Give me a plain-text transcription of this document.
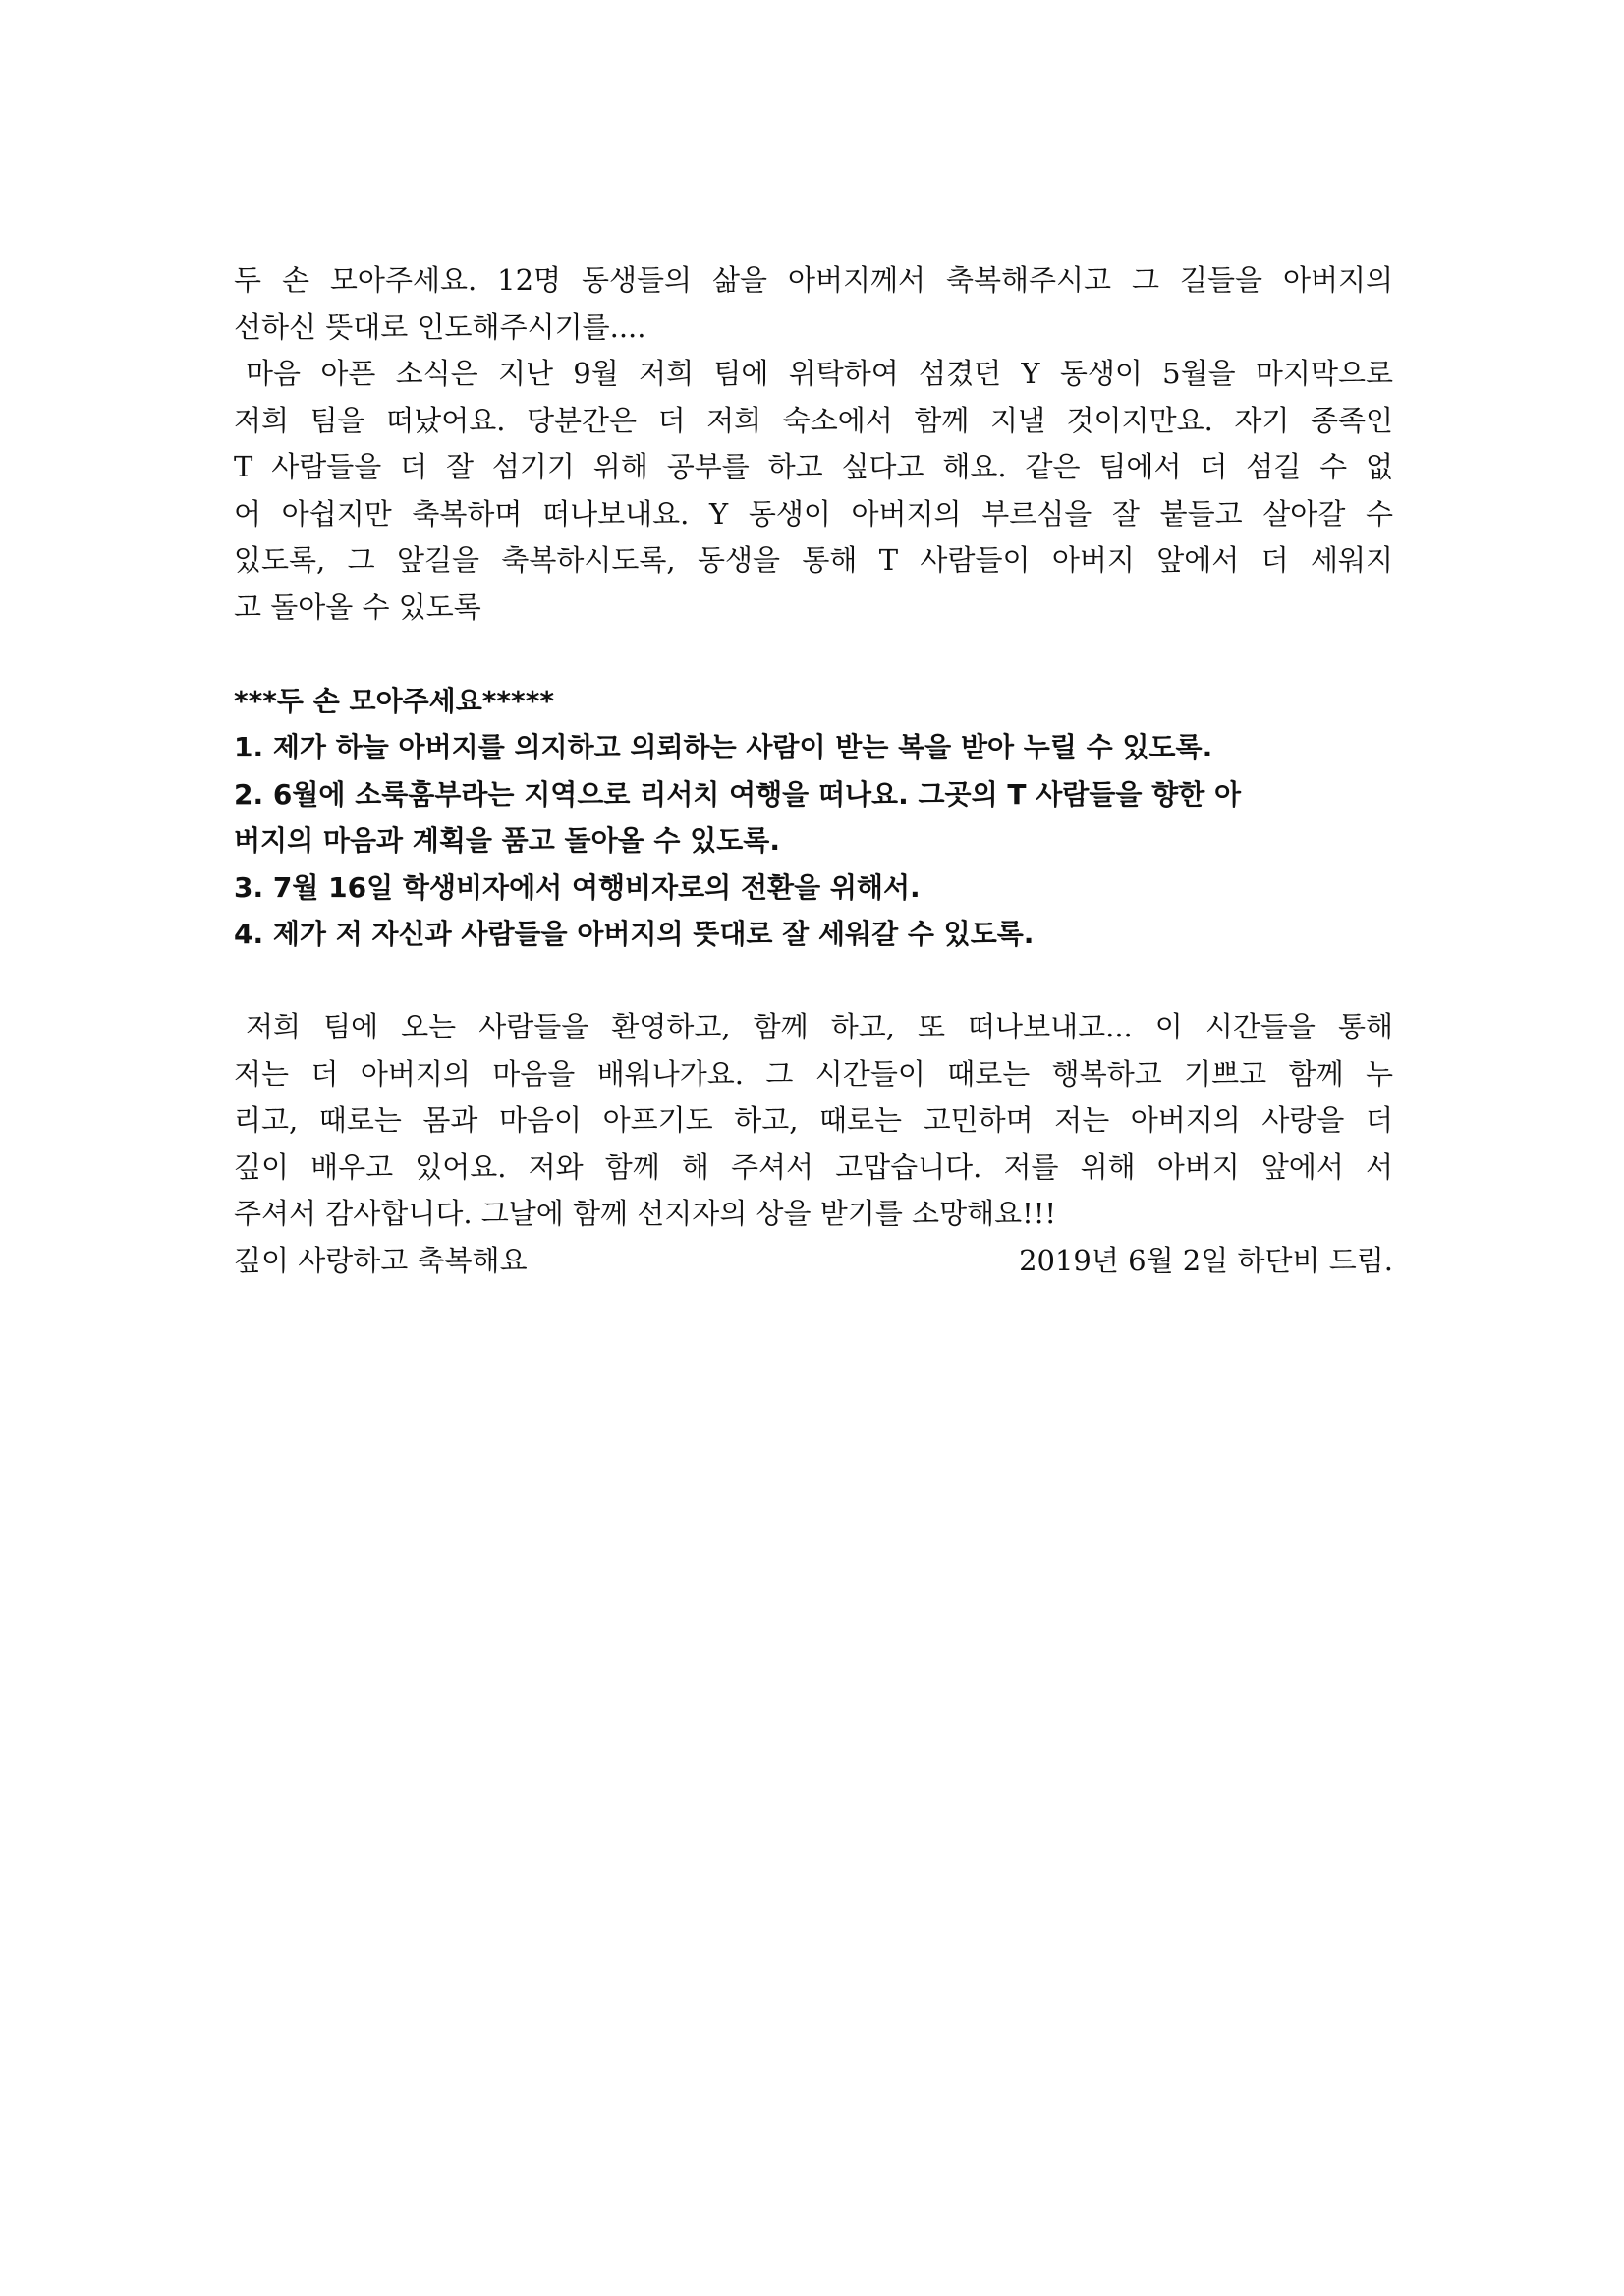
두 손 모아주세요. 12명 동생들의 삶을 아버지께서 축복해주시고 그 길들을 아버지의
선하신 뜻대로 인도해주시기를....
마음 아픈 소식은 지난 9월 저희 팀에 위탁하여 섬겼던 Y 동생이 5월을 마지막으로
저희 팀을 떠났어요. 당분간은 더 저희 숙소에서 함께 지낼 것이지만요. 자기 종족인
T 사람들을 더 잘 섬기기 위해 공부를 하고 싶다고 해요. 같은 팀에서 더 섬길 수 없
어 아쉽지만 축복하며 떠나보내요. Y 동생이 아버지의 부르심을 잘 붙들고 살아갈 수
있도록, 그 앞길을 축복하시도록, 동생을 통해 T 사람들이 아버지 앞에서 더 세워지
고 돌아올 수 있도록
***두 손 모아주세요*****
1. 제가 하늘 아버지를 의지하고 의뢰하는 사람이 받는 복을 받아 누릴 수 있도록.
2. 6월에 소룩훔부라는 지역으로 리서치 여행을 떠나요. 그곳의 T 사람들을 향한 아
버지의 마음과 계획을 품고 돌아올 수 있도록.
3. 7월 16일 학생비자에서 여행비자로의 전환을 위해서.
4. 제가 저 자신과 사람들을 아버지의 뜻대로 잘 세워갈 수 있도록.
저희 팀에 오는 사람들을 환영하고, 함께 하고, 또 떠나보내고... 이 시간들을 통해
저는 더 아버지의 마음을 배워나가요. 그 시간들이 때로는 행복하고 기쁘고 함께 누
리고, 때로는 몸과 마음이 아프기도 하고, 때로는 고민하며 저는 아버지의 사랑을 더
깊이 배우고 있어요. 저와 함께 해 주셔서 고맙습니다. 저를 위해 아버지 앞에서 서
주셔서 감사합니다. 그날에 함께 선지자의 상을 받기를 소망해요!!!
깊이 사랑하고 축복해요	2019년 6월 2일 하단비 드림.
